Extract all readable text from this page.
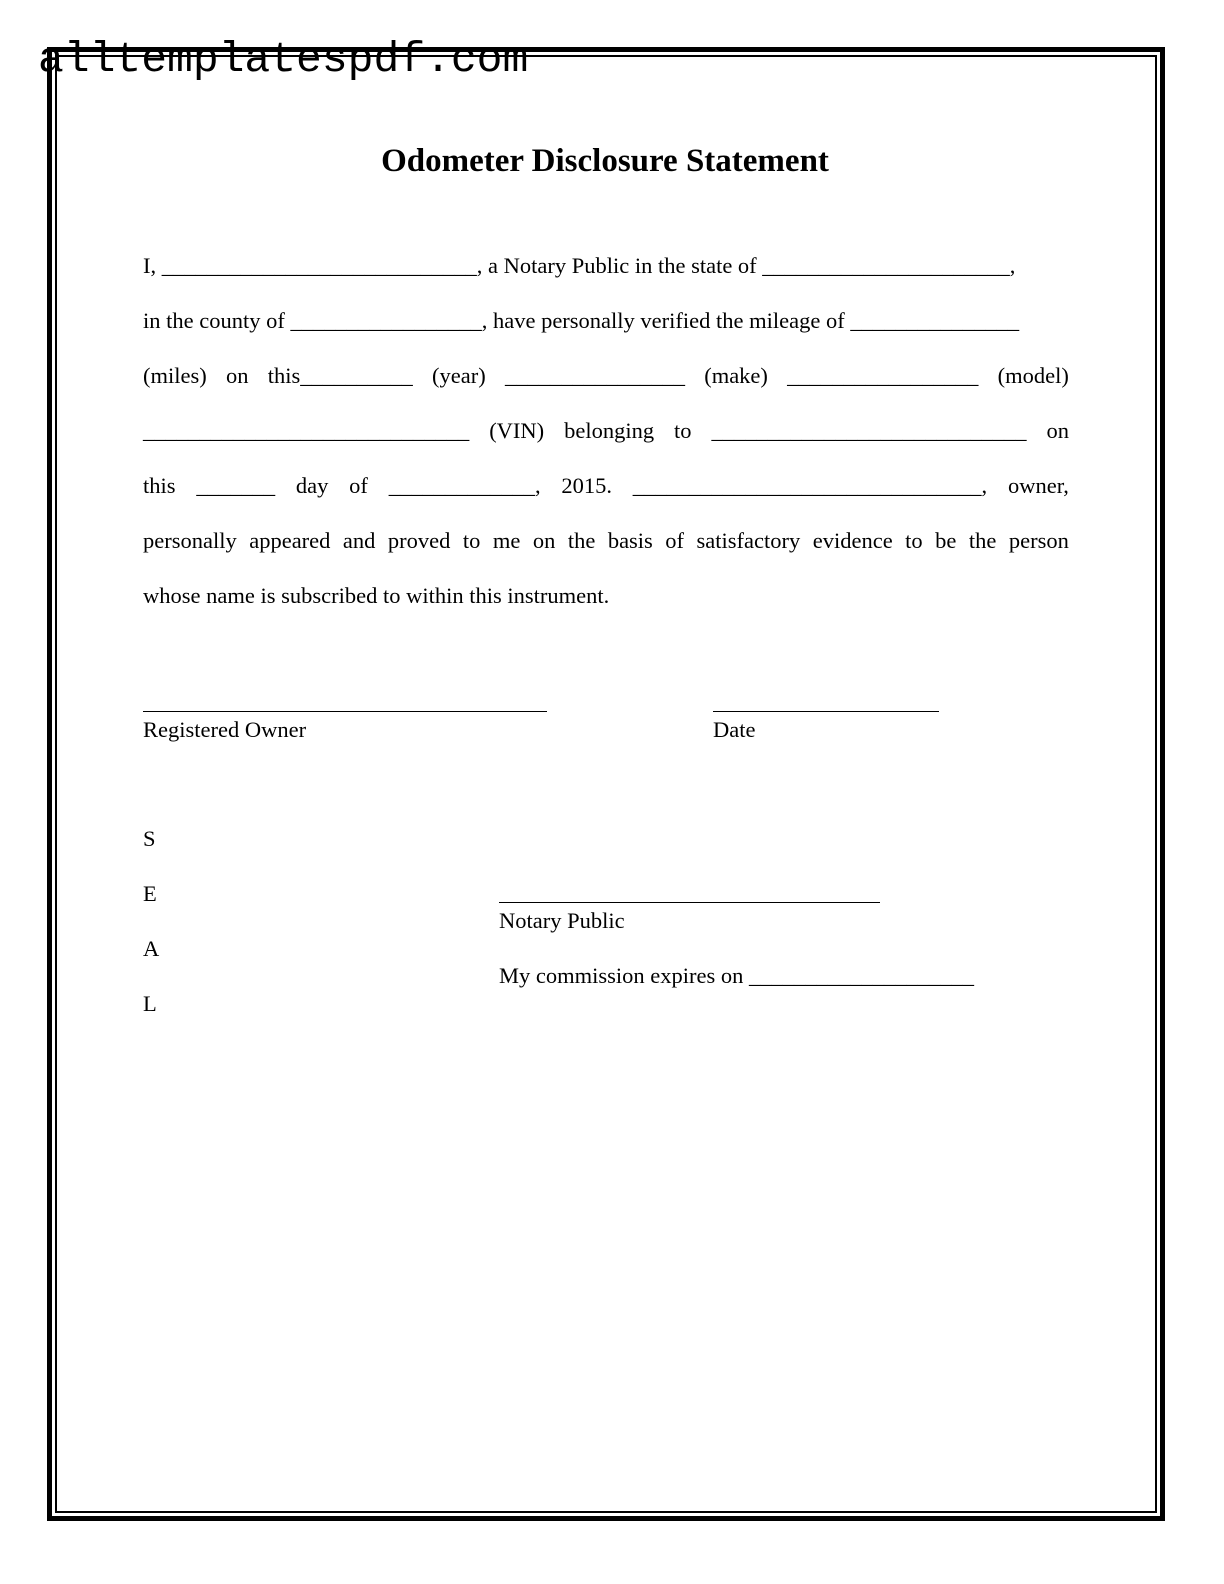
alltemplatespdf.com
Odometer Disclosure Statement
I, ____________________________, a Notary Public in the state of ______________________,
in the county of _________________, have personally verified the mileage of _______________
(miles) on this__________ (year) ________________ (make) _________________ (model)
_____________________________ (VIN) belonging to ____________________________ on
this _______ day of _____________, 2015. _______________________________, owner,
personally appeared and proved to me on the basis of satisfactory evidence to be the person
whose name is subscribed to within this instrument.
Registered Owner	Date
S
E
A
L
Notary Public
My commission expires on ____________________
